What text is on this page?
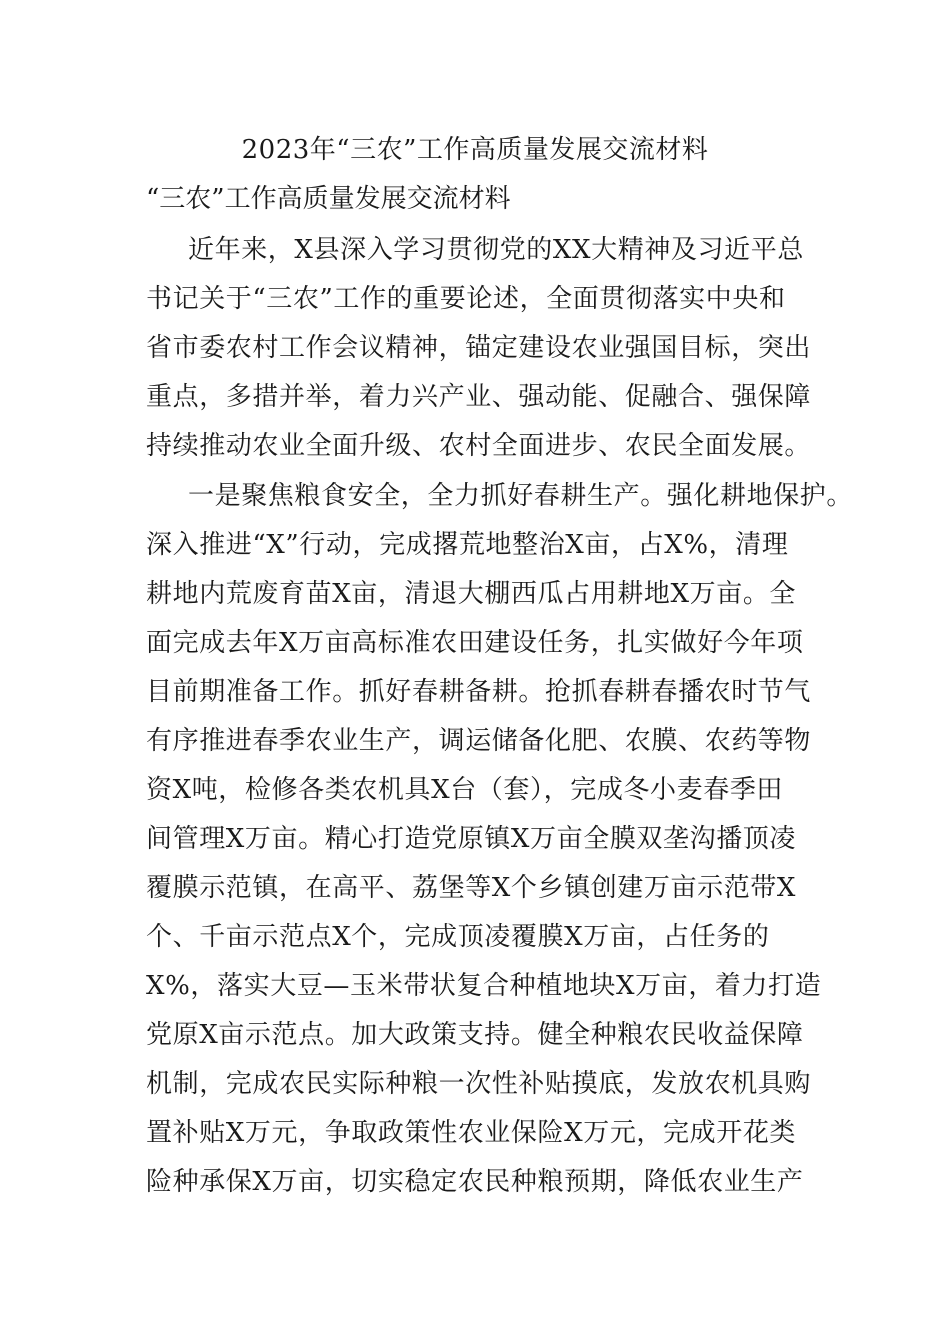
2023年“三农”工作高质量发展交流材料
“三农”工作高质量发展交流材料
近年来，X县深入学习贯彻党的XX大精神及习近平总
书记关于“三农”工作的重要论述，全面贯彻落实中央和
省市委农村工作会议精神，锚定建设农业强国目标，突出
重点，多措并举，着力兴产业、强动能、促融合、强保障
持续推动农业全面升级、农村全面进步、农民全面发展。
一是聚焦粮食安全，全力抓好春耕生产。强化耕地保护。
深入推进“X”行动，完成撂荒地整治X亩，占X%，清理
耕地内荒废育苗X亩，清退大棚西瓜占用耕地X万亩。全
面完成去年X万亩高标准农田建设任务，扎实做好今年项
目前期准备工作。抓好春耕备耕。抢抓春耕春播农时节气
有序推进春季农业生产，调运储备化肥、农膜、农药等物
资X吨，检修各类农机具X台（套），完成冬小麦春季田
间管理X万亩。精心打造党原镇X万亩全膜双垄沟播顶凌
覆膜示范镇，在高平、荔堡等X个乡镇创建万亩示范带X
个、千亩示范点X个，完成顶凌覆膜X万亩，占任务的
X%，落实大豆—玉米带状复合种植地块X万亩，着力打造
党原X亩示范点。加大政策支持。健全种粮农民收益保障
机制，完成农民实际种粮一次性补贴摸底，发放农机具购
置补贴X万元，争取政策性农业保险X万元，完成开花类
险种承保X万亩，切实稳定农民种粮预期，降低农业生产
